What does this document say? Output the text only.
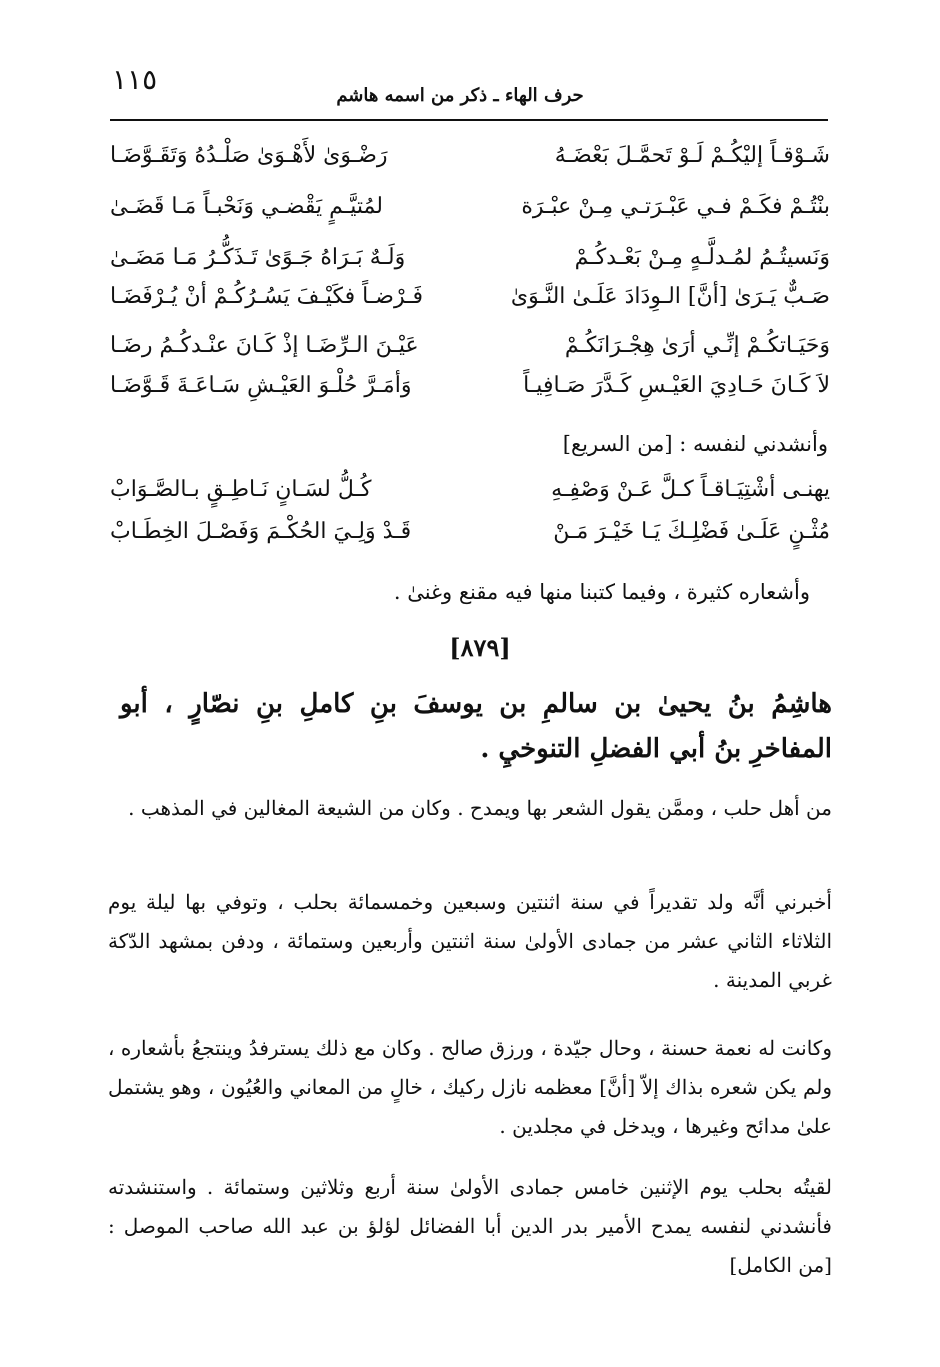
١١٥	حرف الهاء ـ ذكر من اسمه هاشم
شَـوْقـاً إليْكُـمْ لَـوْ تَحمَّـلَ بَعْضَـهُ
رَضْـوَىٰ لأَهْـوَىٰ صَلْـدُهُ وَتَقَـوَّضَـا
بنْتُـمْ فكَـمْ فـي عَبْـرَتـي مِـنْ عبْـرَة
لمُتيَّـمٍ يَقْضـي وَنَحْبـاً مَـا قَضَـىٰ
وَنَسيتُـمُ لمُـدلَّـهٍ مِـنْ بَعْـدكُـمْ
وَلَـهٌ بَـرَاهُ جَـوًىٰ تَـذَكُّـرُ مَـا مَضَـىٰ
صَـبٌّ يَـرَىٰ [أنَّ] الـوِدَادَ عَلَـىٰ النَّـوَىٰ
فَـرْضـاً فكَيْـفَ يَسُـرُكُـمْ أنْ يُـرْفَضَـا
وَحَيَـاتكُـمْ إنِّـي أرَىٰ هِجْـرَانَكُـمْ
عَيْـنَ الـرِّضَـا إذْ كَـانَ عنْـدكُـمُ رضَـا
لاَ كَـانَ حَـادِيَ العَيْـسِ كَـدَّرَ صَـافِيـاً
وَأمَـرَّ حُلْـوَ العَيْـشِ سَـاعَـةَ قَـوَّضَـا
وأنشدني لنفسه : [من السريع]
يهنـى أشْتِيَـاقـاً كـلَّ عَـنْ وَصْفِـهِ
كُـلُّ لسَـانٍ نَـاطِـقٍ بـالصَّـوَابْ
مُثْـنٍ عَلَـىٰ فَضْلِـكَ يَـا خَيْـرَ مَـنْ
قَـدْ وَلِـيَ الحُكْـمَ وَفَصْـلَ الخِطَـابْ
وأشعاره كثيرة ، وفيما كتبنا منها فيه مقنع وغنىٰ .
[٨٧٩]
هاشِمُ بنُ يحيىٰ بن سالمِ بن يوسفَ بنِ كاملِ بنِ نصّارٍ ، أبو المفاخرِ بنُ أبي الفضلِ التنوخيِ .
من أهل حلب ، وممَّن يقول الشعر بها ويمدح . وكان من الشيعة المغالين في المذهب .
أخبرني أنَّه ولد تقديراً في سنة اثنتين وسبعين وخمسمائة بحلب ، وتوفي بها ليلة يوم الثلاثاء الثاني عشر من جمادى الأولىٰ سنة اثنتين وأربعين وستمائة ، ودفن بمشهد الدّكة غربي المدينة .
وكانت له نعمة حسنة ، وحال جيّدة ، ورزق صالح . وكان مع ذلك يسترفدُ وينتجعُ بأشعاره ، ولم يكن شعره بذاك إلاّ [أنَّ] معظمه نازل ركيك ، خالٍ من المعاني والعُيُون ، وهو يشتمل علىٰ مدائح وغيرها ، ويدخل في مجلدين .
لقيتُه بحلب يوم الإثنين خامس جمادى الأولىٰ سنة أربع وثلاثين وستمائة . واستنشدته فأنشدني لنفسه يمدح الأمير بدر الدين أبا الفضائل لؤلؤ بن عبد الله صاحب الموصل : [من الكامل]
